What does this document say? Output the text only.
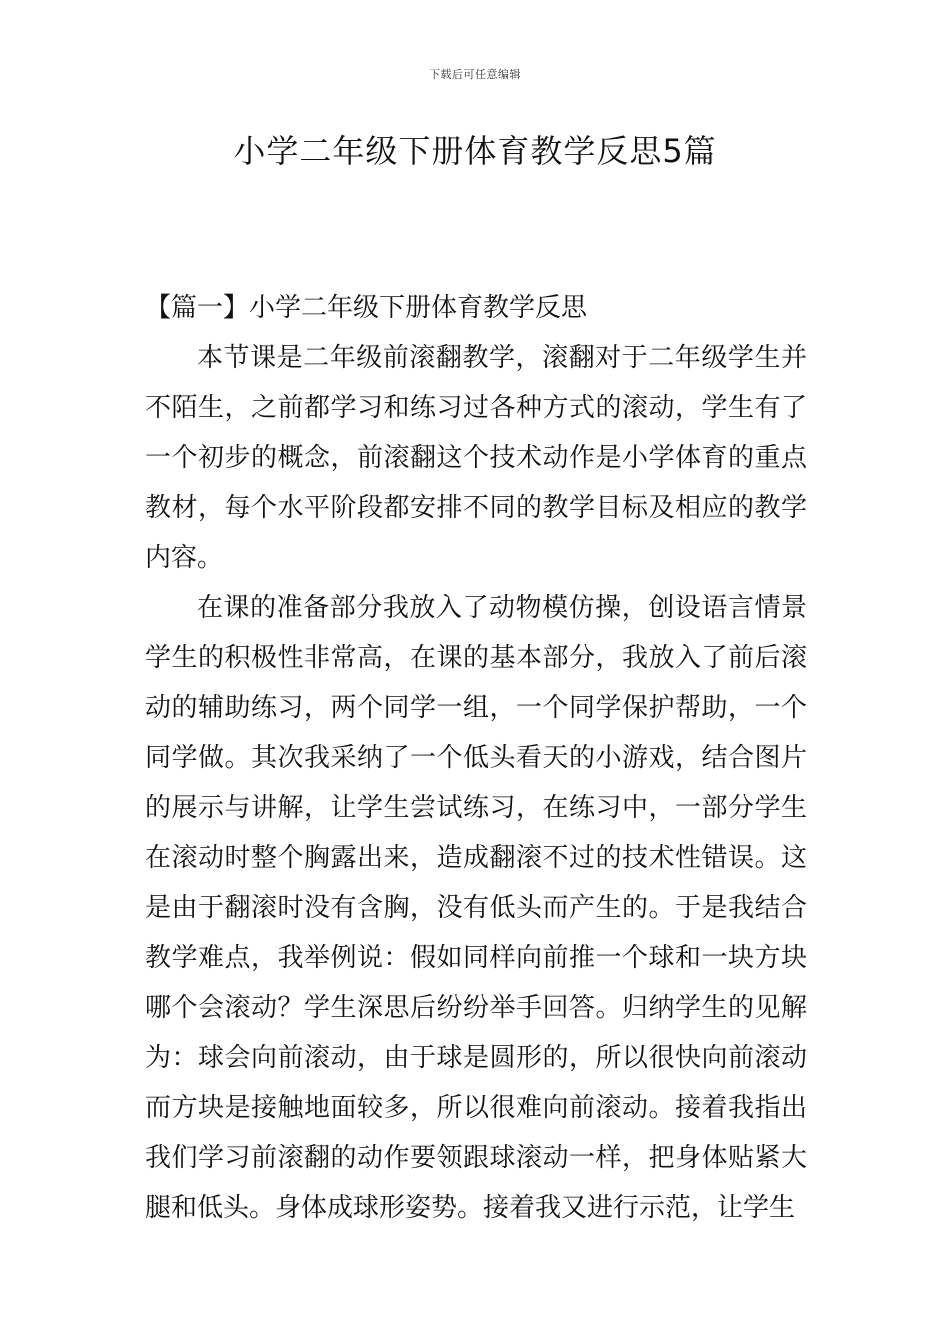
下载后可任意编辑
小学二年级下册体育教学反思5篇
【篇一】小学二年级下册体育教学反思

本节课是二年级前滚翻教学，滚翻对于二年级学生并不陌生，之前都学习和练习过各种方式的滚动，学生有了一个初步的概念，前滚翻这个技术动作是小学体育的重点教材，每个水平阶段都安排不同的教学目标及相应的教学内容。

在课的准备部分我放入了动物模仿操，创设语言情景学生的积极性非常高，在课的基本部分，我放入了前后滚动的辅助练习，两个同学一组，一个同学保护帮助，一个同学做。其次我采纳了一个低头看天的小游戏，结合图片的展示与讲解，让学生尝试练习，在练习中，一部分学生在滚动时整个胸露出来，造成翻滚不过的技术性错误。这是由于翻滚时没有含胸，没有低头而产生的。于是我结合教学难点，我举例说：假如同样向前推一个球和一块方块哪个会滚动？学生深思后纷纷举手回答。归纳学生的见解为：球会向前滚动，由于球是圆形的，所以很快向前滚动而方块是接触地面较多，所以很难向前滚动。接着我指出我们学习前滚翻的动作要领跟球滚动一样，把身体贴紧大腿和低头。身体成球形姿势。接着我又进行示范，让学生
